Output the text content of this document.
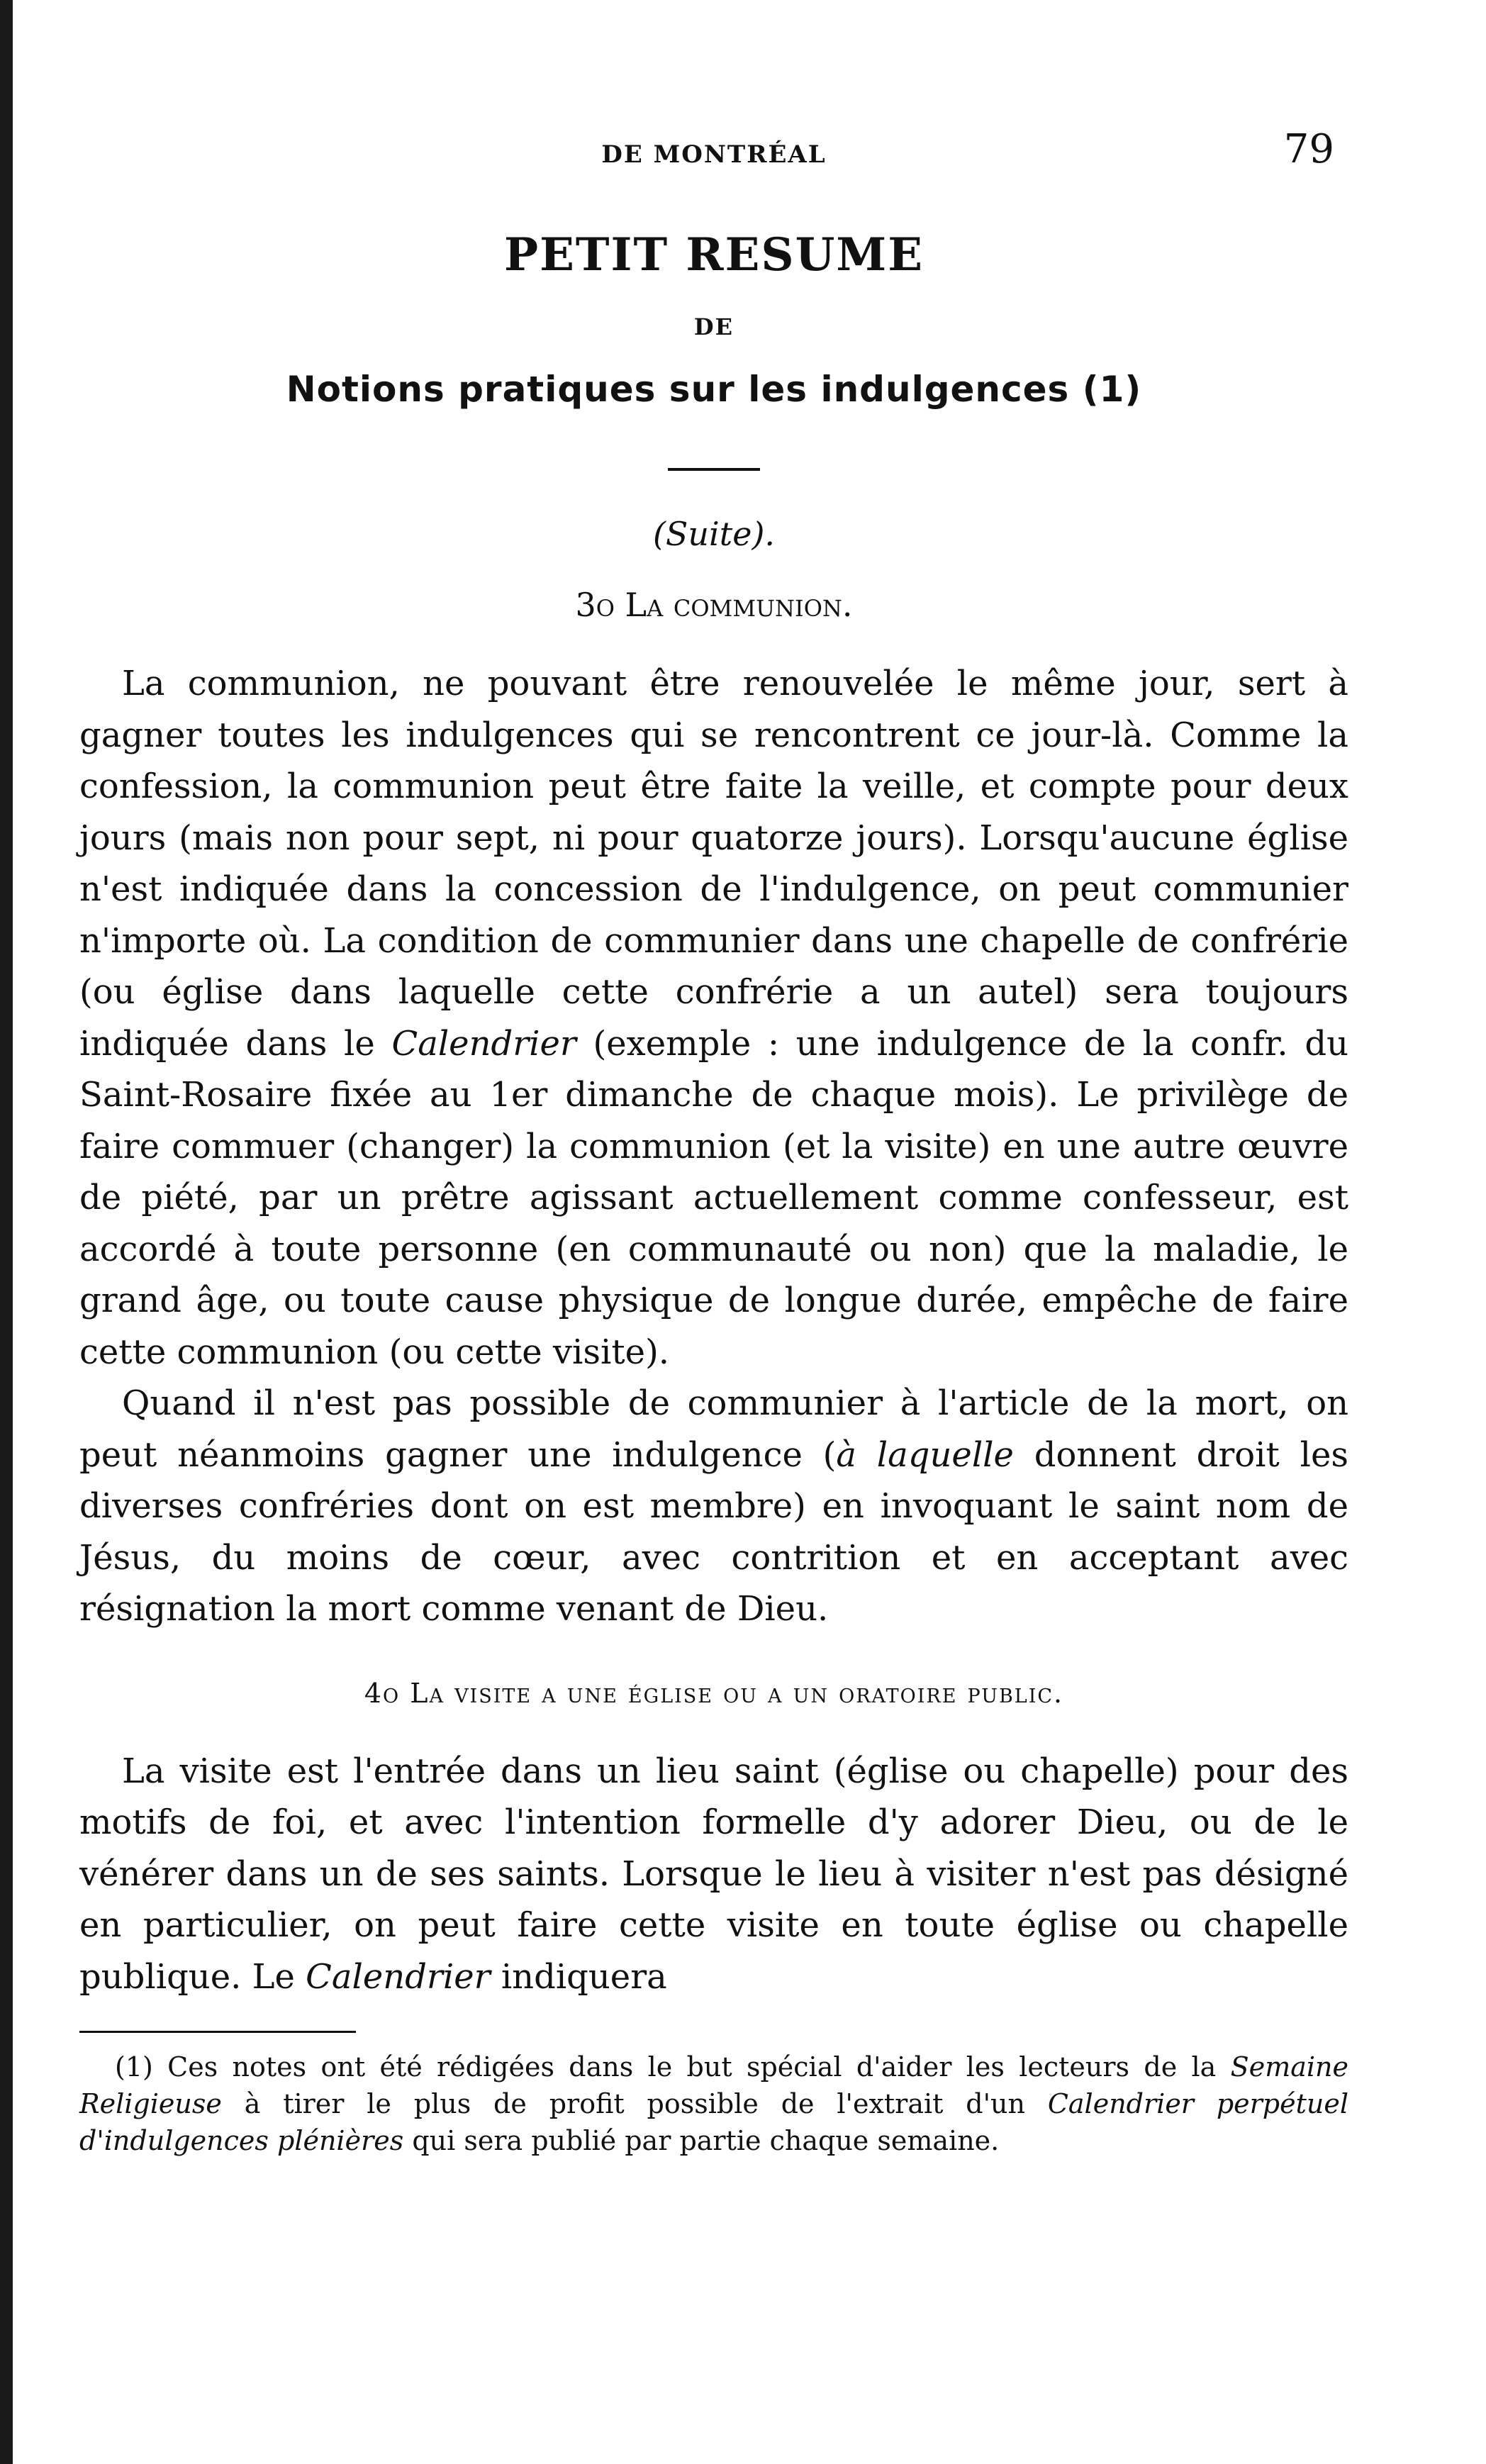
DE MONTRÉAL	79
PETIT RESUME
DE
Notions pratiques sur les indulgences (1)
(Suite).
3o La communion.

La communion, ne pouvant être renouvelée le même jour, sert à gagner toutes les indulgences qui se rencontrent ce jour-là. Comme la confession, la communion peut être faite la veille, et compte pour deux jours (mais non pour sept, ni pour quatorze jours). Lorsqu'aucune église n'est indiquée dans la concession de l'indulgence, on peut communier n'importe où. La condition de communier dans une chapelle de confrérie (ou église dans laquelle cette confrérie a un autel) sera toujours indiquée dans le Calendrier (exemple : une indulgence de la confr. du Saint-Rosaire fixée au 1er dimanche de chaque mois). Le privilège de faire commuer (changer) la communion (et la visite) en une autre œuvre de piété, par un prêtre agissant actuellement comme confesseur, est accordé à toute personne (en communauté ou non) que la maladie, le grand âge, ou toute cause physique de longue durée, empêche de faire cette communion (ou cette visite).

Quand il n'est pas possible de communier à l'article de la mort, on peut néanmoins gagner une indulgence (à laquelle donnent droit les diverses confréries dont on est membre) en invoquant le saint nom de Jésus, du moins de cœur, avec contrition et en acceptant avec résignation la mort comme venant de Dieu.

4o La visite a une église ou a un oratoire public.

La visite est l'entrée dans un lieu saint (église ou chapelle) pour des motifs de foi, et avec l'intention formelle d'y adorer Dieu, ou de le vénérer dans un de ses saints. Lorsque le lieu à visiter n'est pas désigné en particulier, on peut faire cette visite en toute église ou chapelle publique. Le Calendrier indiquera

(1) Ces notes ont été rédigées dans le but spécial d'aider les lecteurs de la Semaine Religieuse à tirer le plus de profit possible de l'extrait d'un Calendrier perpétuel d'indulgences plénières qui sera publié par partie chaque semaine.
